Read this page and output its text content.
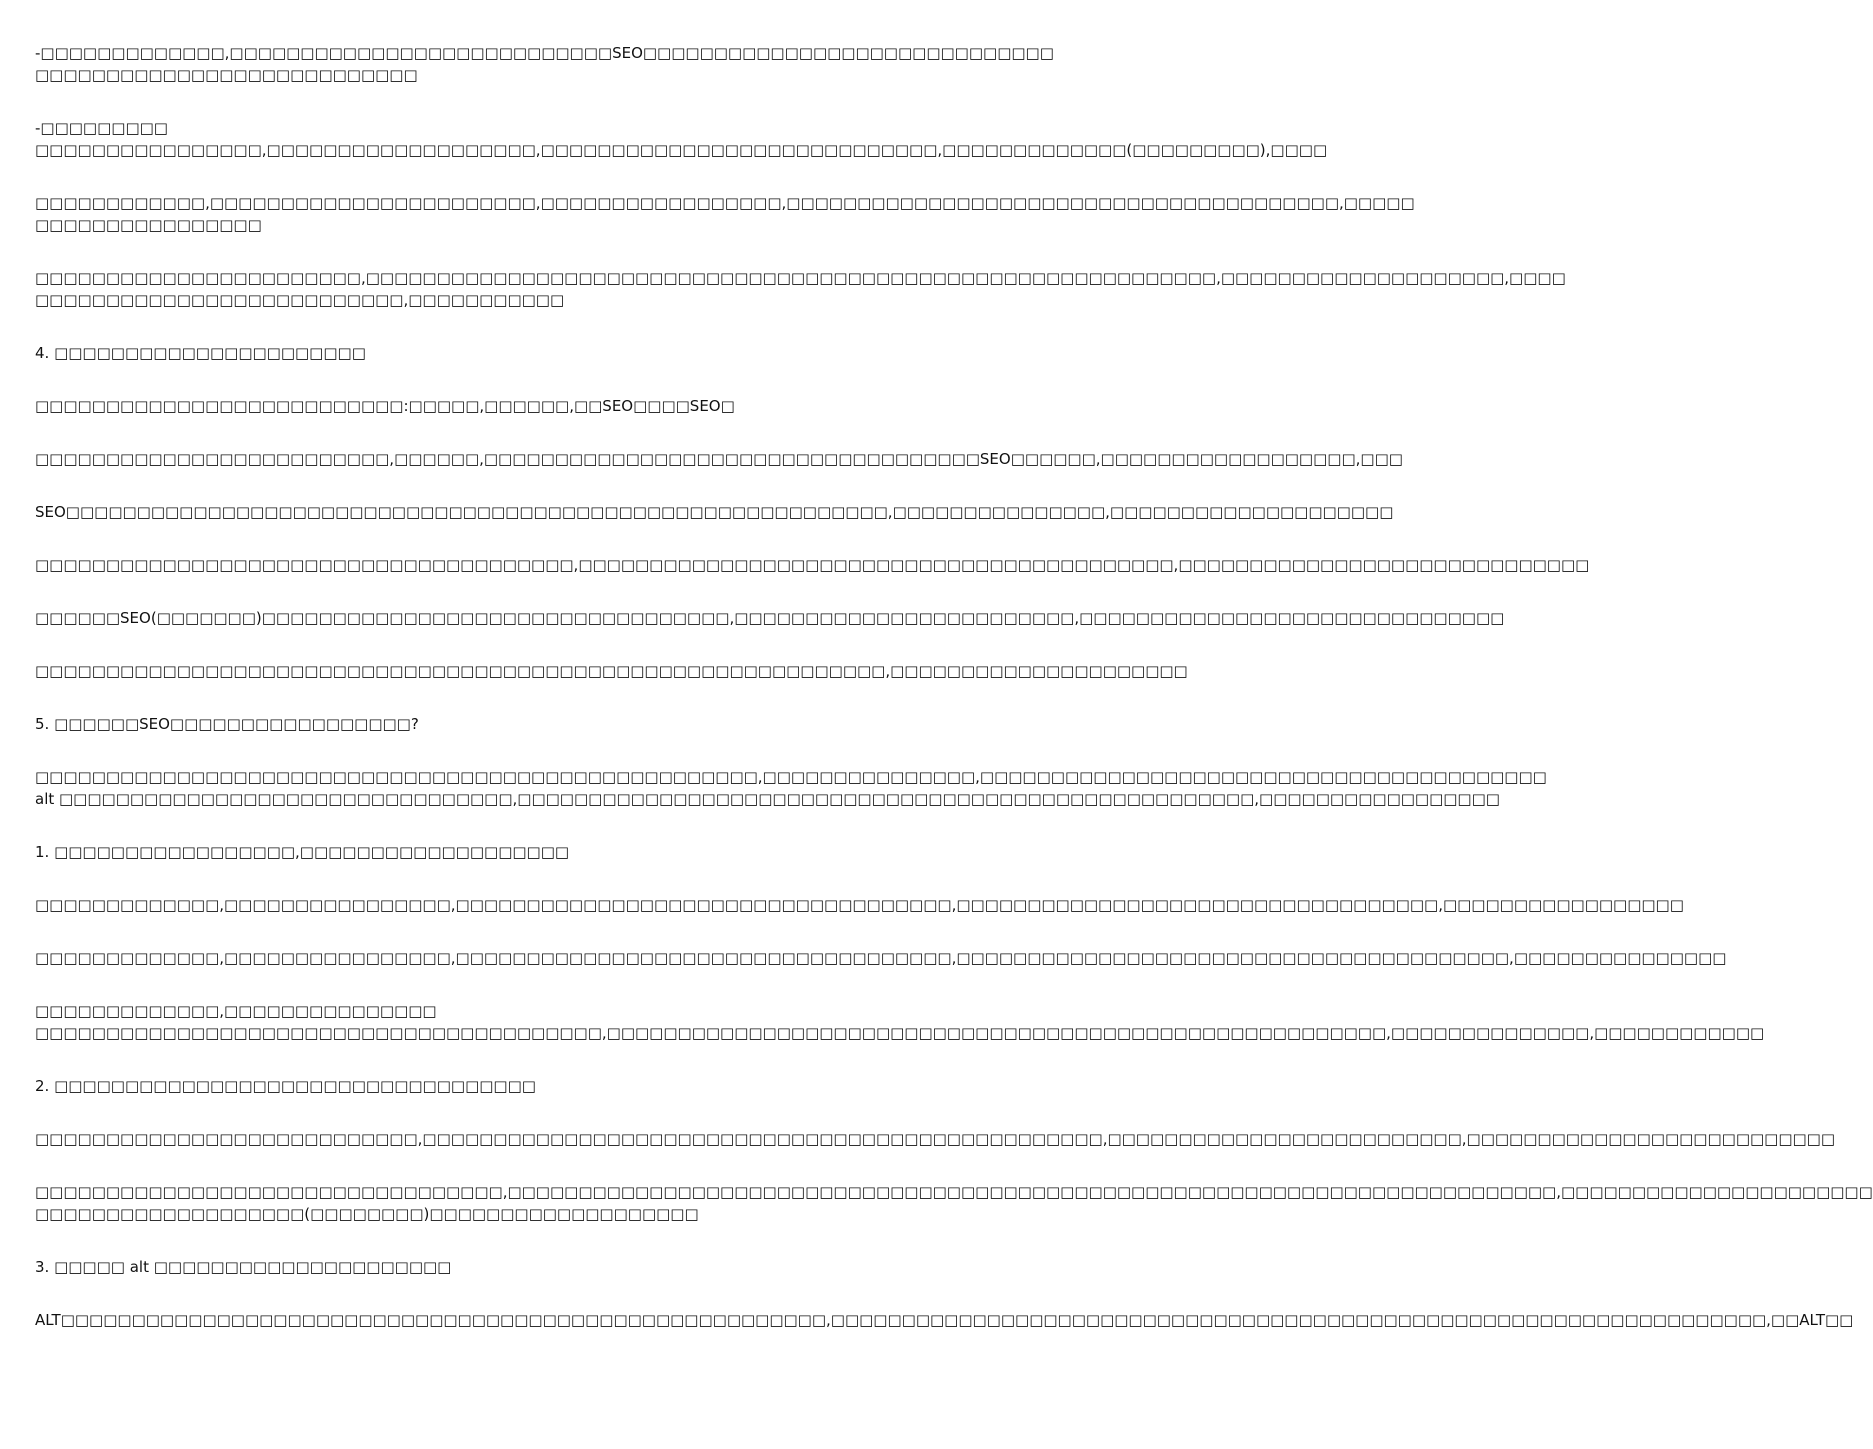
-□□□□□□□□□□□□□,□□□□□□□□□□□□□□□□□□□□□□□□□□□SEO□□□□□□□□□□□□□□□□□□□□□□□□□□□□□
□□□□□□□□□□□□□□□□□□□□□□□□□□□
-□□□□□□□□□
□□□□□□□□□□□□□□□□,□□□□□□□□□□□□□□□□□□□,□□□□□□□□□□□□□□□□□□□□□□□□□□□□,□□□□□□□□□□□□□(□□□□□□□□□),□□□□
□□□□□□□□□□□□,□□□□□□□□□□□□□□□□□□□□□□□,□□□□□□□□□□□□□□□□□,□□□□□□□□□□□□□□□□□□□□□□□□□□□□□□□□□□□□□□□,□□□□□
□□□□□□□□□□□□□□□□
□□□□□□□□□□□□□□□□□□□□□□□,□□□□□□□□□□□□□□□□□□□□□□□□□□□□□□□□□□□□□□□□□□□□□□□□□□□□□□□□□□□□,□□□□□□□□□□□□□□□□□□□□,□□□□
□□□□□□□□□□□□□□□□□□□□□□□□□□,□□□□□□□□□□□
4. □□□□□□□□□□□□□□□□□□□□□□
□□□□□□□□□□□□□□□□□□□□□□□□□□:□□□□□,□□□□□□,□□SEO□□□□SEO□
□□□□□□□□□□□□□□□□□□□□□□□□□,□□□□□□,□□□□□□□□□□□□□□□□□□□□□□□□□□□□□□□□□□□SEO□□□□□□,□□□□□□□□□□□□□□□□□□,□□□
SEO□□□□□□□□□□□□□□□□□□□□□□□□□□□□□□□□□□□□□□□□□□□□□□□□□□□□□□□□□□,□□□□□□□□□□□□□□□,□□□□□□□□□□□□□□□□□□□□
□□□□□□□□□□□□□□□□□□□□□□□□□□□□□□□□□□□□□□,□□□□□□□□□□□□□□□□□□□□□□□□□□□□□□□□□□□□□□□□□□,□□□□□□□□□□□□□□□□□□□□□□□□□□□□□
□□□□□□SEO(□□□□□□□)□□□□□□□□□□□□□□□□□□□□□□□□□□□□□□□□□,□□□□□□□□□□□□□□□□□□□□□□□□,□□□□□□□□□□□□□□□□□□□□□□□□□□□□□□
□□□□□□□□□□□□□□□□□□□□□□□□□□□□□□□□□□□□□□□□□□□□□□□□□□□□□□□□□□□□,□□□□□□□□□□□□□□□□□□□□□
5. □□□□□□SEO□□□□□□□□□□□□□□□□□?
□□□□□□□□□□□□□□□□□□□□□□□□□□□□□□□□□□□□□□□□□□□□□□□□□□□,□□□□□□□□□□□□□□□,□□□□□□□□□□□□□□□□□□□□□□□□□□□□□□□□□□□□□□□□
alt □□□□□□□□□□□□□□□□□□□□□□□□□□□□□□□□,□□□□□□□□□□□□□□□□□□□□□□□□□□□□□□□□□□□□□□□□□□□□□□□□□□□□,□□□□□□□□□□□□□□□□□
1. □□□□□□□□□□□□□□□□□,□□□□□□□□□□□□□□□□□□□
□□□□□□□□□□□□□,□□□□□□□□□□□□□□□□,□□□□□□□□□□□□□□□□□□□□□□□□□□□□□□□□□□□,□□□□□□□□□□□□□□□□□□□□□□□□□□□□□□□□□□,□□□□□□□□□□□□□□□□□
□□□□□□□□□□□□□,□□□□□□□□□□□□□□□□,□□□□□□□□□□□□□□□□□□□□□□□□□□□□□□□□□□□,□□□□□□□□□□□□□□□□□□□□□□□□□□□□□□□□□□□□□□□,□□□□□□□□□□□□□□□
□□□□□□□□□□□□□,□□□□□□□□□□□□□□□
□□□□□□□□□□□□□□□□□□□□□□□□□□□□□□□□□□□□□□□□,□□□□□□□□□□□□□□□□□□□□□□□□□□□□□□□□□□□□□□□□□□□□□□□□□□□□□□□,□□□□□□□□□□□□□□,□□□□□□□□□□□□
2. □□□□□□□□□□□□□□□□□□□□□□□□□□□□□□□□□□
□□□□□□□□□□□□□□□□□□□□□□□□□□□,□□□□□□□□□□□□□□□□□□□□□□□□□□□□□□□□□□□□□□□□□□□□□□□□,□□□□□□□□□□□□□□□□□□□□□□□□□,□□□□□□□□□□□□□□□□□□□□□□□□□□
□□□□□□□□□□□□□□□□□□□□□□□□□□□□□□□□□,□□□□□□□□□□□□□□□□□□□□□□□□□□□□□□□□□□□□□□□□□□□□□□□□□□□□□□□□□□□□□□□□□□□□□□□□□□,□□□□□□□□□□□□□□□□□□□□□□
□□□□□□□□□□□□□□□□□□□(□□□□□□□□)□□□□□□□□□□□□□□□□□□□
3. □□□□□ alt □□□□□□□□□□□□□□□□□□□□□
ALT□□□□□□□□□□□□□□□□□□□□□□□□□□□□□□□□□□□□□□□□□□□□□□□□□□□□□□,□□□□□□□□□□□□□□□□□□□□□□□□□□□□□□□□□□□□□□□□□□□□□□□□□□□□□□□□□□□□□□□□□□,□□ALT□□
